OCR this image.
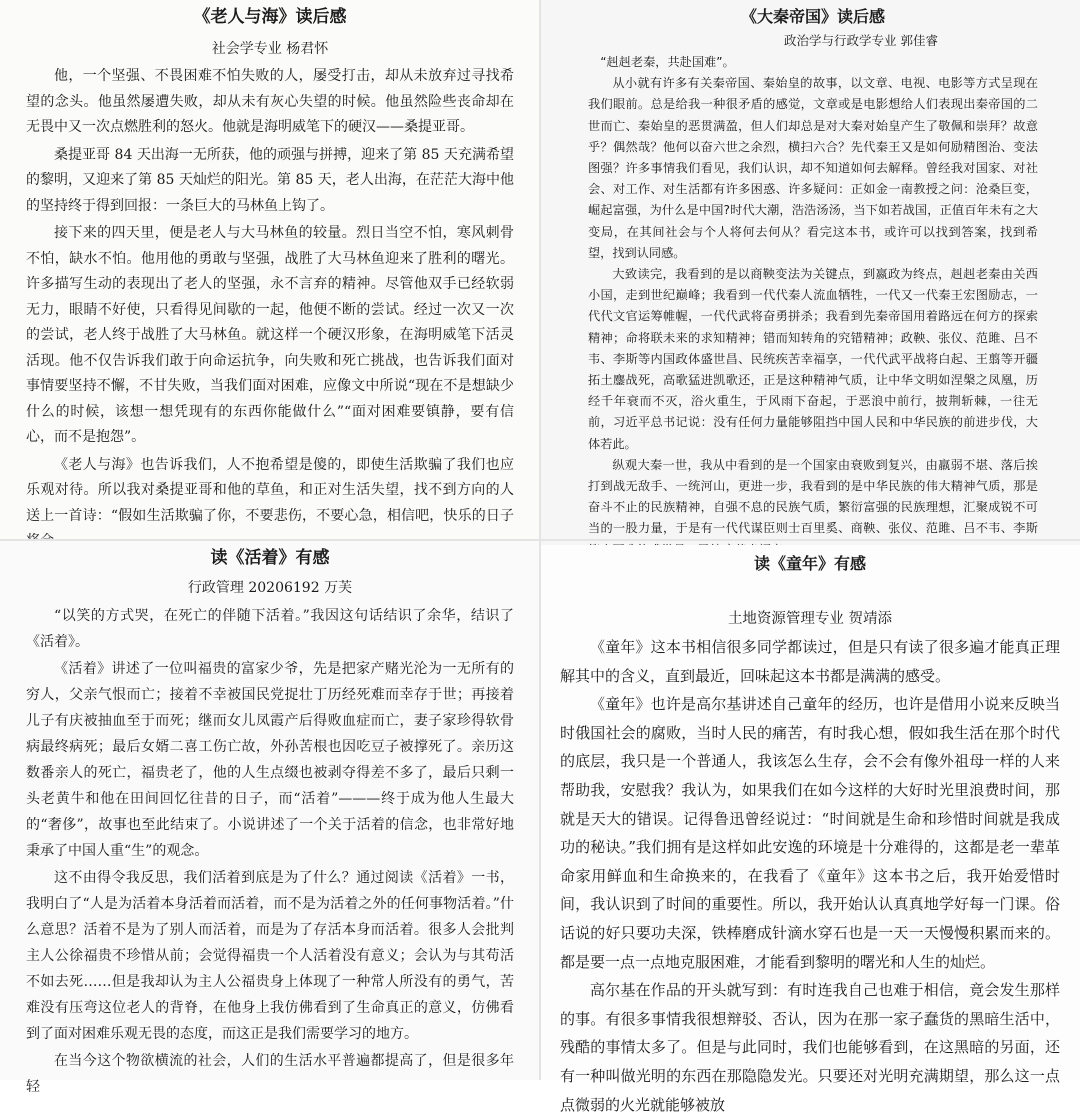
《老人与海》读后感
社会学专业 杨君怀

他，一个坚强、不畏困难不怕失败的人，屡受打击，却从未放弃过寻找希望的念头。他虽然屡遭失败，却从未有灰心失望的时候。他虽然险些丧命却在无畏中又一次点燃胜利的怒火。他就是海明威笔下的硬汉——桑提亚哥。

桑提亚哥 84 天出海一无所获，他的顽强与拼搏，迎来了第 85 天充满希望的黎明，又迎来了第 85 天灿烂的阳光。第 85 天，老人出海，在茫茫大海中他的坚持终于得到回报：一条巨大的马林鱼上钩了。

接下来的四天里，便是老人与大马林鱼的较量。烈日当空不怕，寒风刺骨不怕，缺水不怕。他用他的勇敢与坚强，战胜了大马林鱼迎来了胜利的曙光。许多描写生动的表现出了老人的坚强，永不言弃的精神。尽管他双手已经软弱无力，眼睛不好使，只看得见间歇的一起，他便不断的尝试。经过一次又一次的尝试，老人终于战胜了大马林鱼。就这样一个硬汉形象，在海明威笔下活灵活现。他不仅告诉我们敢于向命运抗争，向失败和死亡挑战，也告诉我们面对事情要坚持不懈，不甘失败，当我们面对困难，应像文中所说“现在不是想缺少什么的时候，该想一想凭现有的东西你能做什么”“面对困难要镇静，要有信心，而不是抱怨”。

《老人与海》也告诉我们，人不抱希望是傻的，即使生活欺骗了我们也应乐观对待。所以我对桑提亚哥和他的草鱼，和正对生活失望，找不到方向的人送上一首诗：“假如生活欺骗了你，不要悲伤，不要心急，相信吧，快乐的日子

《大秦帝国》读后感
政治学与行政学专业 郭佳睿

“赳赳老秦，共赴国难”。

从小就有许多有关秦帝国、秦始皇的故事，以文章、电视、电影等方式呈现在我们眼前。总是给我一种很矛盾的感觉，文章或是电影想给人们表现出秦帝国的二世而亡、秦始皇的恶贯满盈，但人们却总是对大秦对始皇产生了敬佩和崇拜？故意乎？偶然哉？他何以奋六世之余烈，横扫六合？先代秦王又是如何励精图治、变法图强？许多事情我们看见，我们认识，却不知道如何去解释。曾经我对国家、对社会、对工作、对生活都有许多困惑、许多疑问：正如金一南教授之问：沧桑巨变，崛起富强，为什么是中国?时代大潮，浩浩汤汤，当下如若战国，正值百年未有之大变局，在其间社会与个人将何去何从？看完这本书，或许可以找到答案，找到希望，找到认同感。

大致读完，我看到的是以商鞅变法为关键点，到嬴政为终点，赳赳老秦由关西小国，走到世纪巅峰；我看到一代代秦人流血牺牲，一代又一代秦王宏图励志，一代代文官运筹帷幄，一代代武将奋勇拼杀；我看到先秦帝国用着路远在何方的探索精神；命将联未来的求知精神；错而知转角的究错精神；政鞅、张仪、范雎、吕不韦、李斯等内国政体盛世昌、民统疾苦幸福享，一代代武平战将白起、王翦等开疆拓土鏖战死，高歌猛进凯歌还，正是这种精神气质，让中华文明如涅槃之凤凰，历经千年衰而不灭，浴火重生，于风雨下奋起，于恶浪中前行，披荆斩棘，一往无前，习近平总书记说：没有任何力量能够阻挡中国人民和中华民族的前进步伐，大体若此。

纵观大秦一世，我从中看到的是一个国家由衰败到复兴，由羸弱不堪、落后挨打到战无敌手、一统河山，更进一步，我看到的是中华民族的伟大精神气质，那是奋斗不止的民族精神，自强不息的民族气质，繁衍富强的民族理想，汇聚成锐不可当的一股力量，于是有一代代谋臣则士百里奚、商鞅、张仪、范雎、吕不韦、李斯

读《活着》有感
行政管理 20206192 万芙

“以笑的方式哭，在死亡的伴随下活着。”我因这句话结识了余华，结识了《活着》。

《活着》讲述了一位叫福贵的富家少爷，先是把家产赌光沦为一无所有的穷人，父亲气恨而亡；接着不幸被国民党捉壮丁历经死难而幸存于世；再接着儿子有庆被抽血至于而死；继而女儿凤霞产后得败血症而亡，妻子家珍得软骨病最终病死；最后女婿二喜工伤亡故，外孙苦根也因吃豆子被撑死了。亲历这数番亲人的死亡，福贵老了，他的人生点缀也被剥夺得差不多了，最后只剩一头老黄牛和他在田间回忆往昔的日子，而“活着”———终于成为他人生最大的“奢侈”，故事也至此结束了。小说讲述了一个关于活着的信念，也非常好地秉承了中国人重“生”的观念。

这不由得令我反思，我们活着到底是为了什么？通过阅读《活着》一书，我明白了“人是为活着本身活着而活着，而不是为活着之外的任何事物活着。”什么意思？活着不是为了别人而活着，而是为了存活本身而活着。很多人会批判主人公徐福贵不珍惜从前；会觉得福贵一个人活着没有意义；会认为与其苟活不如去死……但是我却认为主人公福贵身上体现了一种常人所没有的勇气，苦难没有压弯这位老人的背脊，在他身上我仿佛看到了生命真正的意义，仿佛看到了面对困难乐观无畏的态度，而这正是我们需要学习的地方。

在当今这个物欲横流的社会，人们的生活水平普遍都提高了，但是很多年轻

读《童年》有感
土地资源管理专业 贺靖添

《童年》这本书相信很多同学都读过，但是只有读了很多遍才能真正理解其中的含义，直到最近，回味起这本书都是满满的感受。

《童年》也许是高尔基讲述自己童年的经历，也许是借用小说来反映当时俄国社会的腐败，当时人民的痛苦，有时我心想，假如我生活在那个时代的底层，我只是一个普通人，我该怎么生存，会不会有像外祖母一样的人来帮助我，安慰我？我认为，如果我们在如今这样的大好时光里浪费时间，那就是天大的错误。记得鲁迅曾经说过：“时间就是生命和珍惜时间就是我成功的秘诀。”我们拥有是这样如此安逸的环境是十分难得的，这都是老一辈革命家用鲜血和生命换来的，在我看了《童年》这本书之后，我开始爱惜时间，我认识到了时间的重要性。所以，我开始认认真真地学好每一门课。俗话说的好只要功夫深，铁棒磨成针滴水穿石也是一天一天慢慢积累而来的。都是要一点一点地克服困难，才能看到黎明的曙光和人生的灿烂。

高尔基在作品的开头就写到：有时连我自己也难于相信，竟会发生那样的事。有很多事情我很想辩驳、否认，因为在那一家子蠢货的黑暗生活中，残酷的事情太多了。但是与此同时，我们也能够看到，在这黑暗的另面，还有一种叫做光明的东西在那隐隐发光。只要还对光明充满期望，那么这一点点微弱的火光就能够被放
